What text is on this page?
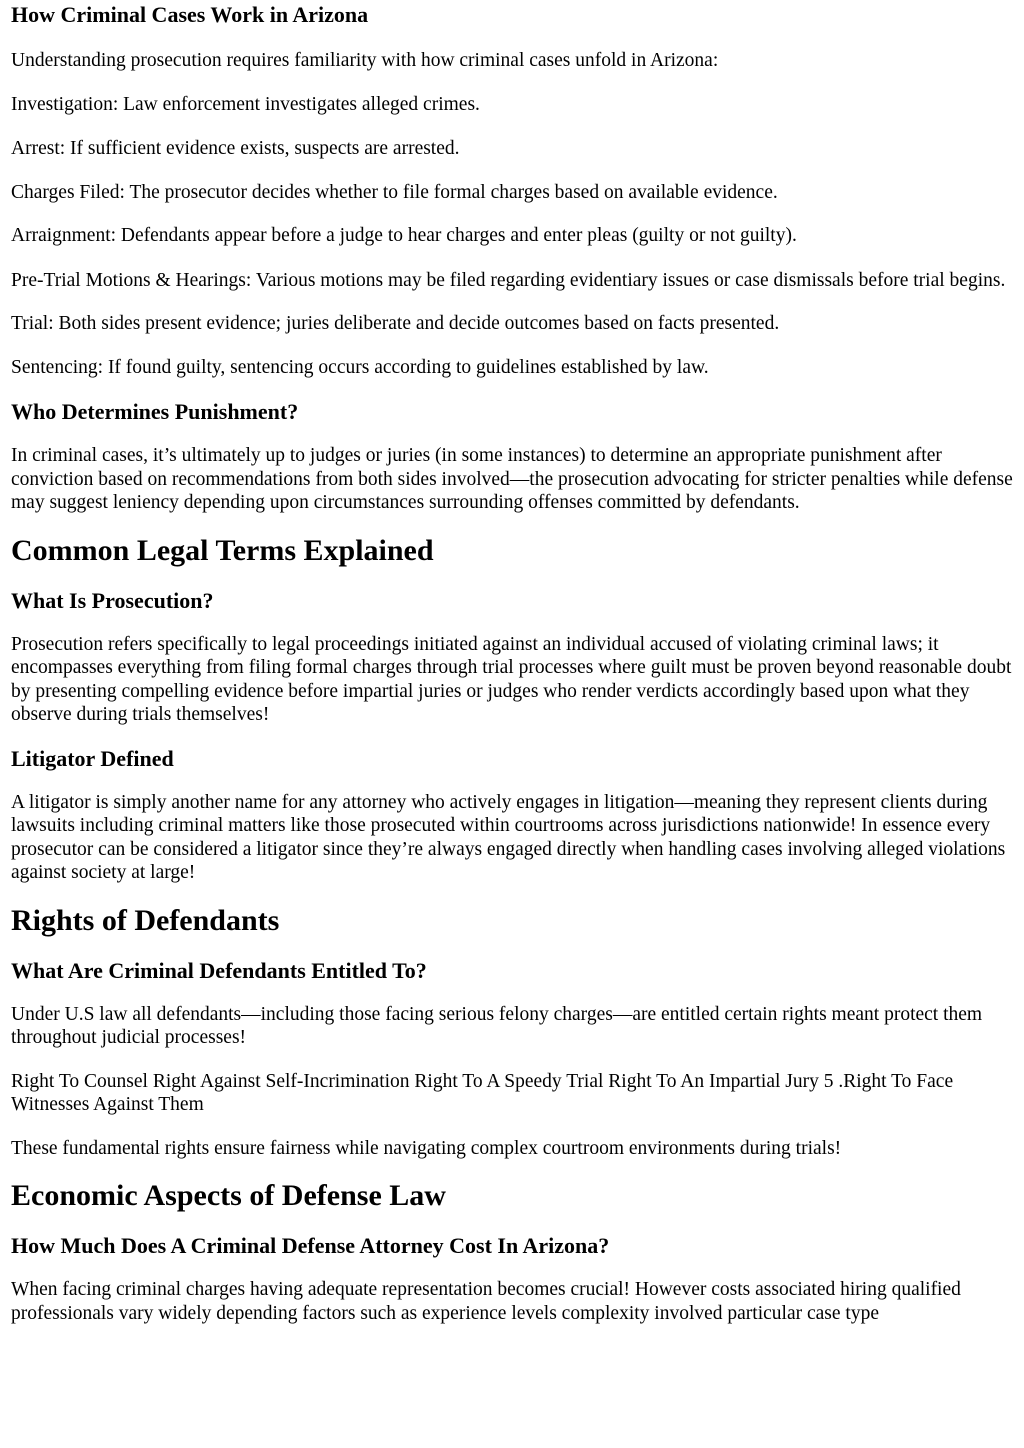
How Criminal Cases Work in Arizona

Understanding prosecution requires familiarity with how criminal cases unfold in Arizona:

Investigation: Law enforcement investigates alleged crimes.

Arrest: If sufficient evidence exists, suspects are arrested.

Charges Filed: The prosecutor decides whether to file formal charges based on available evidence.

Arraignment: Defendants appear before a judge to hear charges and enter pleas (guilty or not guilty).

Pre-Trial Motions & Hearings: Various motions may be filed regarding evidentiary issues or case dismissals before trial begins.

Trial: Both sides present evidence; juries deliberate and decide outcomes based on facts presented.

Sentencing: If found guilty, sentencing occurs according to guidelines established by law.

Who Determines Punishment?

In criminal cases, it’s ultimately up to judges or juries (in some instances) to determine an appropriate punishment after conviction based on recommendations from both sides involved—the prosecution advocating for stricter penalties while defense may suggest leniency depending upon circumstances surrounding offenses committed by defendants.

Common Legal Terms Explained
What Is Prosecution?

Prosecution refers specifically to legal proceedings initiated against an individual accused of violating criminal laws; it encompasses everything from filing formal charges through trial processes where guilt must be proven beyond reasonable doubt by presenting compelling evidence before impartial juries or judges who render verdicts accordingly based upon what they observe during trials themselves!

Litigator Defined

A litigator is simply another name for any attorney who actively engages in litigation—meaning they represent clients during lawsuits including criminal matters like those prosecuted within courtrooms across jurisdictions nationwide! In essence every prosecutor can be considered a litigator since they’re always engaged directly when handling cases involving alleged violations against society at large!

Rights of Defendants
What Are Criminal Defendants Entitled To?

Under U.S law all defendants—including those facing serious felony charges—are entitled certain rights meant protect them throughout judicial processes!

Right To Counsel Right Against Self-Incrimination Right To A Speedy Trial Right To An Impartial Jury 5 .Right To Face Witnesses Against Them

These fundamental rights ensure fairness while navigating complex courtroom environments during trials!

Economic Aspects of Defense Law
How Much Does A Criminal Defense Attorney Cost In Arizona?

When facing criminal charges having adequate representation becomes crucial! However costs associated hiring qualified professionals vary widely depending factors such as experience levels complexity involved particular case type
